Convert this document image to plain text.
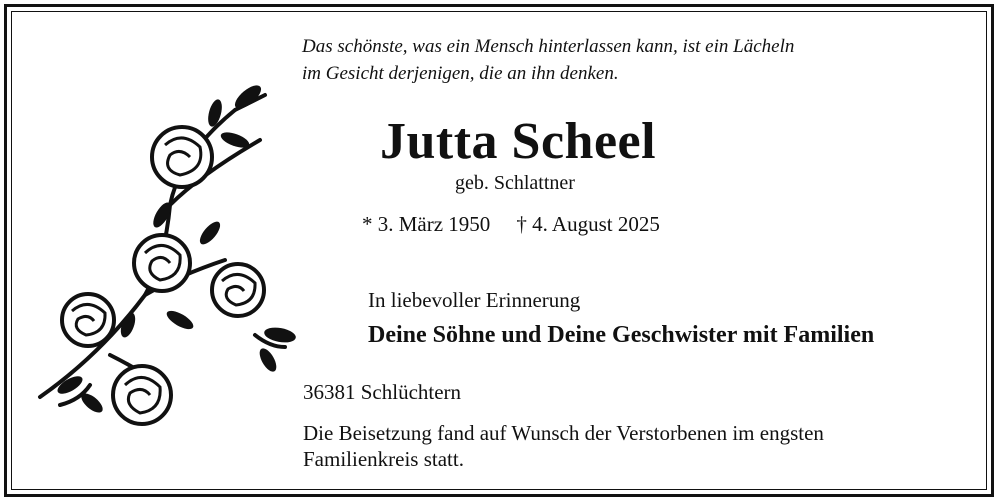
Das schönste, was ein Mensch hinterlassen kann, ist ein Lächeln
im Gesicht derjenigen, die an ihn denken.
Jutta Scheel
geb. Schlattner
* 3. März 1950 † 4. August 2025
In liebevoller Erinnerung
Deine Söhne und Deine Geschwister mit Familien
36381 Schlüchtern
Die Beisetzung fand auf Wunsch der Verstorbenen im engsten
Familienkreis statt.
